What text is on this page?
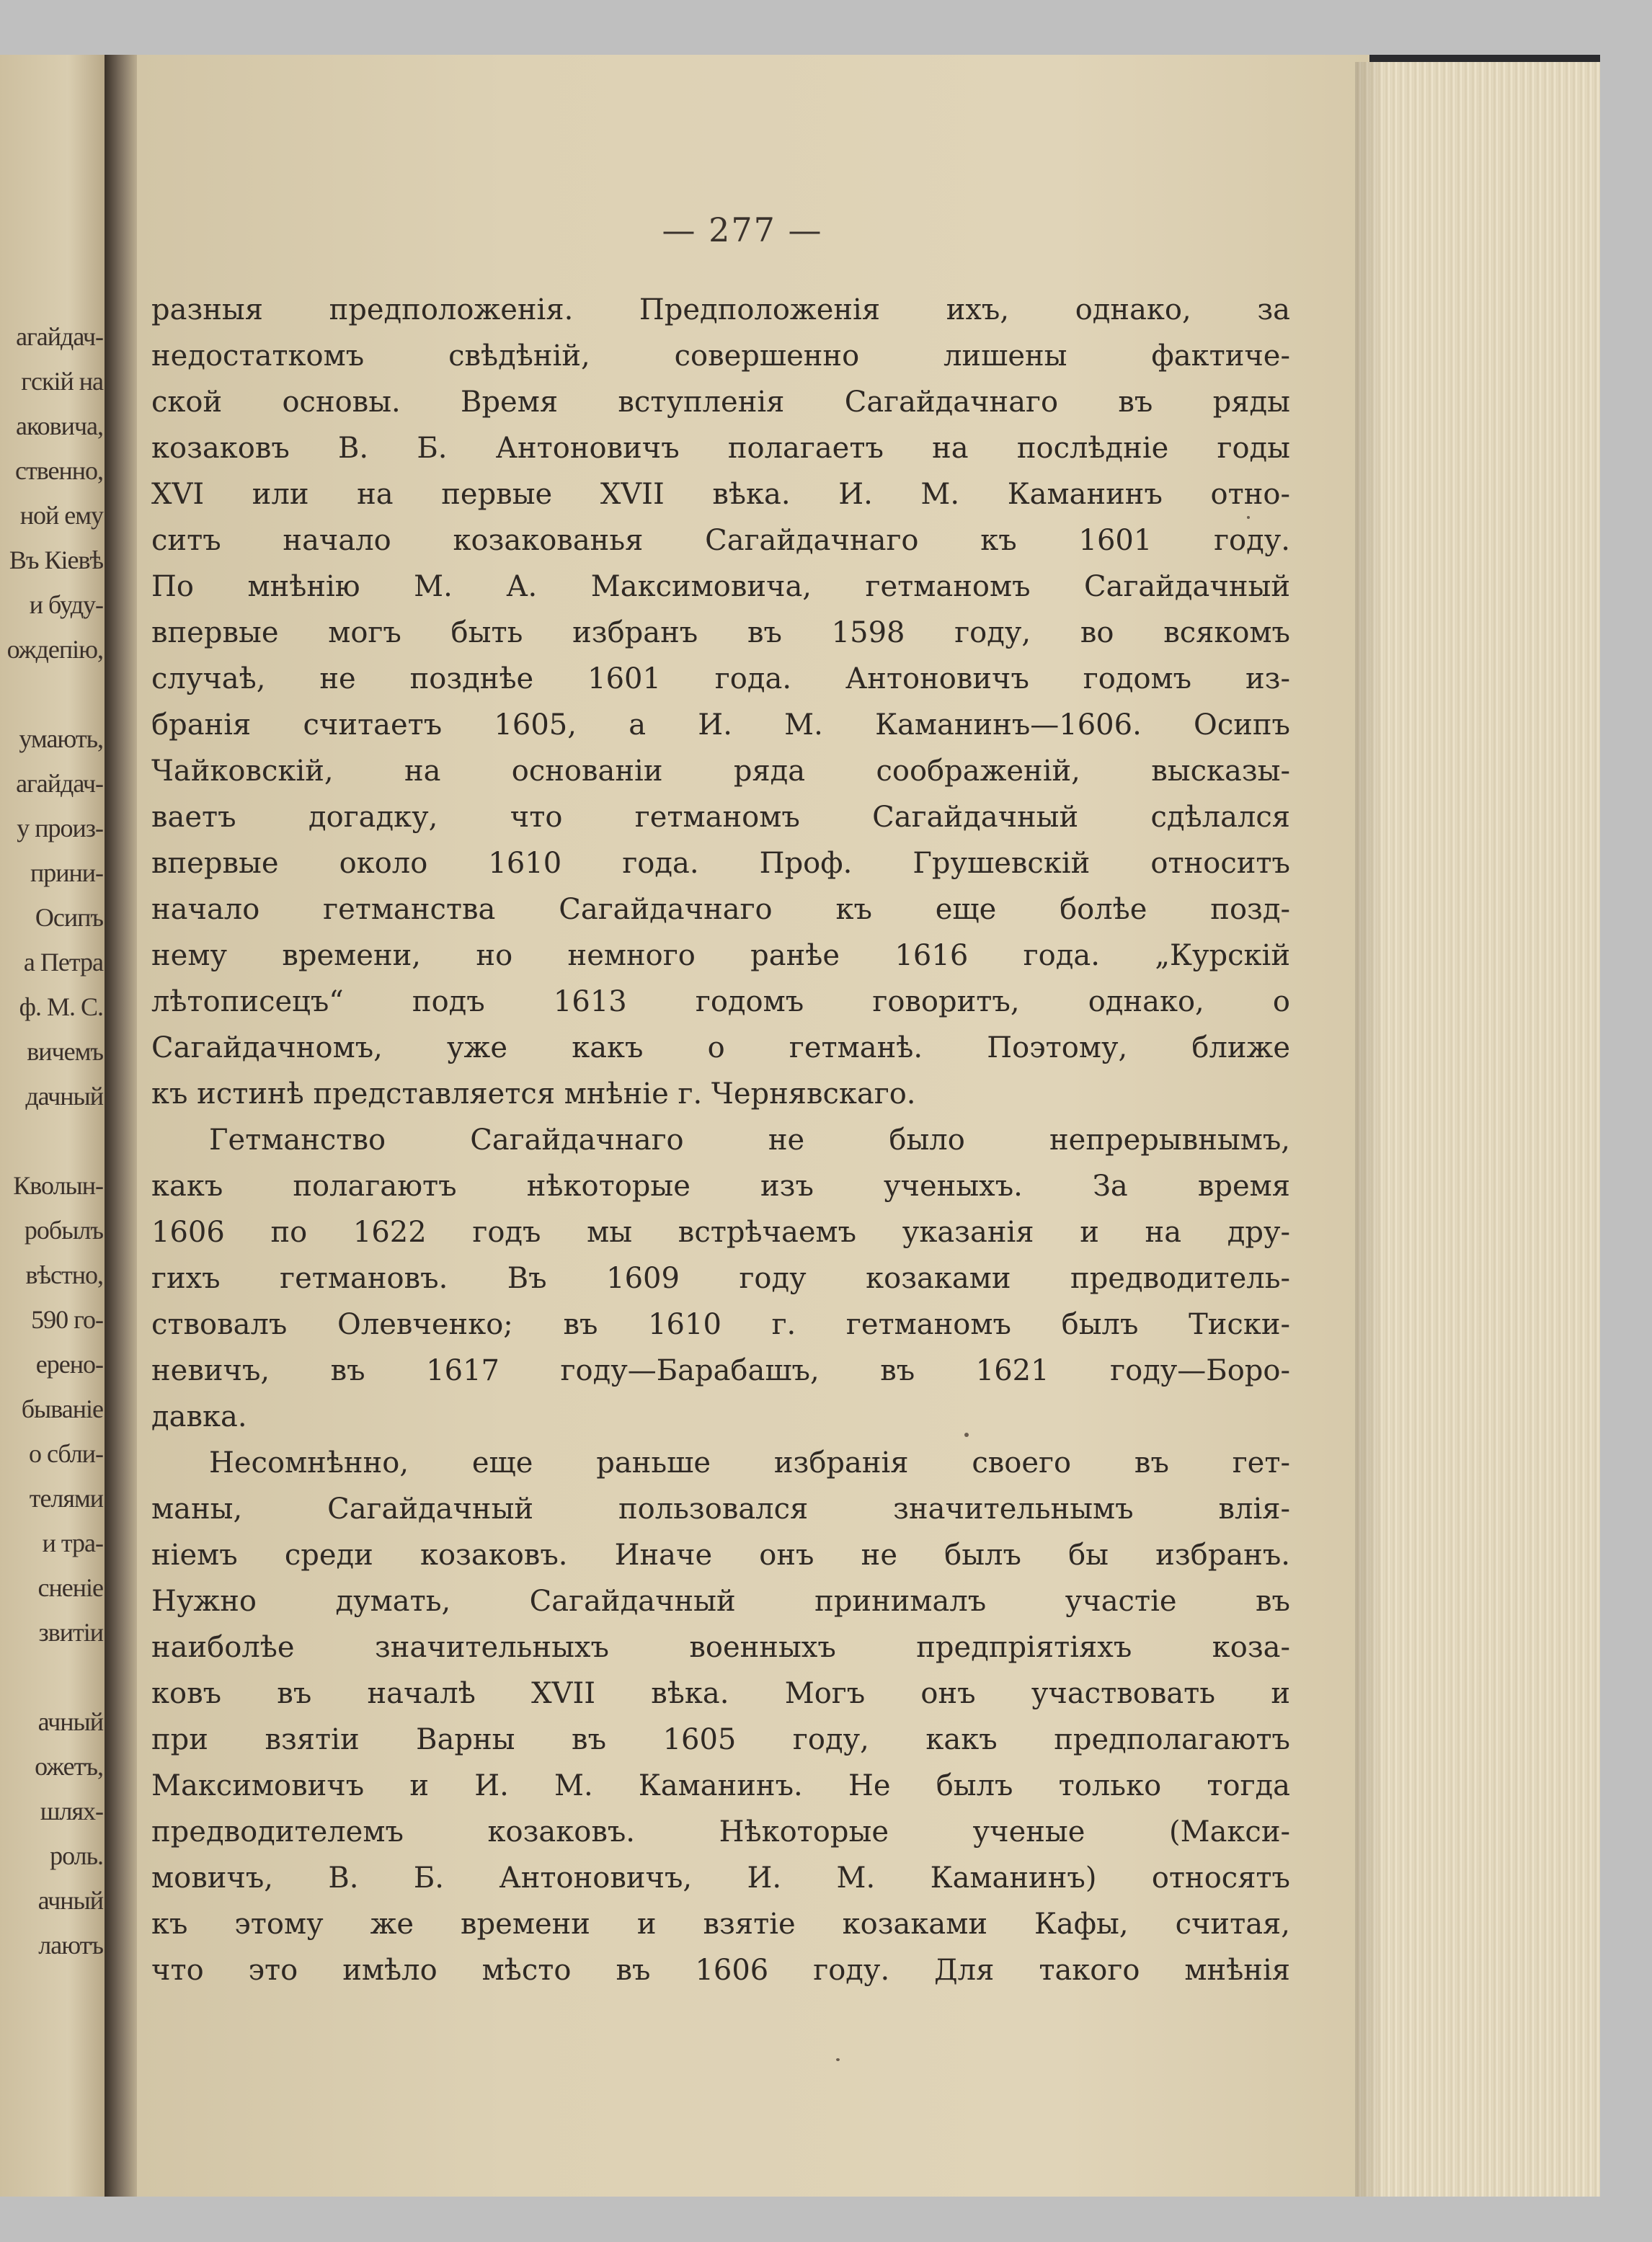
агайдач-
гскій на
аковича,
ственно,
ной ему
Въ Кіевѣ
и буду-
ождепію,
умають,
агайдач-
у произ-
прини-
Осипъ
а Петра
ф. М. С.
вичемъ
дачный
Кволын-
робылъ
вѣстно,
590 го-
ерено-
бываніе
о сбли-
телями
и тра-
сненіе
звитіи
ачный
ожетъ,
шлях-
роль.
ачный
лаютъ
— 277 —
разныя предположенія. Предположенія ихъ, однако, за
недостаткомъ свѣдѣній, совершенно лишены фактиче-
ской основы. Время вступленія Сагайдачнаго въ ряды
козаковъ В. Б. Антоновичъ полагаетъ на послѣдніе годы
XVI или на первые XVII вѣка. И. М. Каманинъ отно-
ситъ начало козакованья Сагайдачнаго къ 1601 году.
По мнѣнію М. А. Максимовича, гетманомъ Сагайдачный
впервые могъ быть избранъ въ 1598 году, во всякомъ
случаѣ, не позднѣе 1601 года. Антоновичъ годомъ из-
бранія считаетъ 1605, а И. М. Каманинъ—1606. Осипъ
Чайковскій, на основаніи ряда соображеній, высказы-
ваетъ догадку, что гетманомъ Сагайдачный сдѣлался
впервые около 1610 года. Проф. Грушевскій относитъ
начало гетманства Сагайдачнаго къ еще болѣе позд-
нему времени, но немного ранѣе 1616 года. „Курскій
лѣтописецъ“ подъ 1613 годомъ говоритъ, однако, о
Сагайдачномъ, уже какъ о гетманѣ. Поэтому, ближе
къ истинѣ представляется мнѣніе г. Чернявскаго.
Гетманство Сагайдачнаго не было непрерывнымъ,
какъ полагаютъ нѣкоторые изъ ученыхъ. За время
1606 по 1622 годъ мы встрѣчаемъ указанія и на дру-
гихъ гетмановъ. Въ 1609 году козаками предводитель-
ствовалъ Олевченко; въ 1610 г. гетманомъ былъ Тиски-
невичъ, въ 1617 году—Барабашъ, въ 1621 году—Боро-
давка.
Несомнѣнно, еще раньше избранія своего въ гет-
маны, Сагайдачный пользовался значительнымъ влія-
ніемъ среди козаковъ. Иначе онъ не былъ бы избранъ.
Нужно думать, Сагайдачный принималъ участіе въ
наиболѣе значительныхъ военныхъ предпріятіяхъ коза-
ковъ въ началѣ XVII вѣка. Могъ онъ участвовать и
при взятіи Варны въ 1605 году, какъ предполагаютъ
Максимовичъ и И. М. Каманинъ. Не былъ только тогда
предводителемъ козаковъ. Нѣкоторые ученые (Макси-
мовичъ, В. Б. Антоновичъ, И. М. Каманинъ) относятъ
къ этому же времени и взятіе козаками Кафы, считая,
что это имѣло мѣсто въ 1606 году. Для такого мнѣнія
